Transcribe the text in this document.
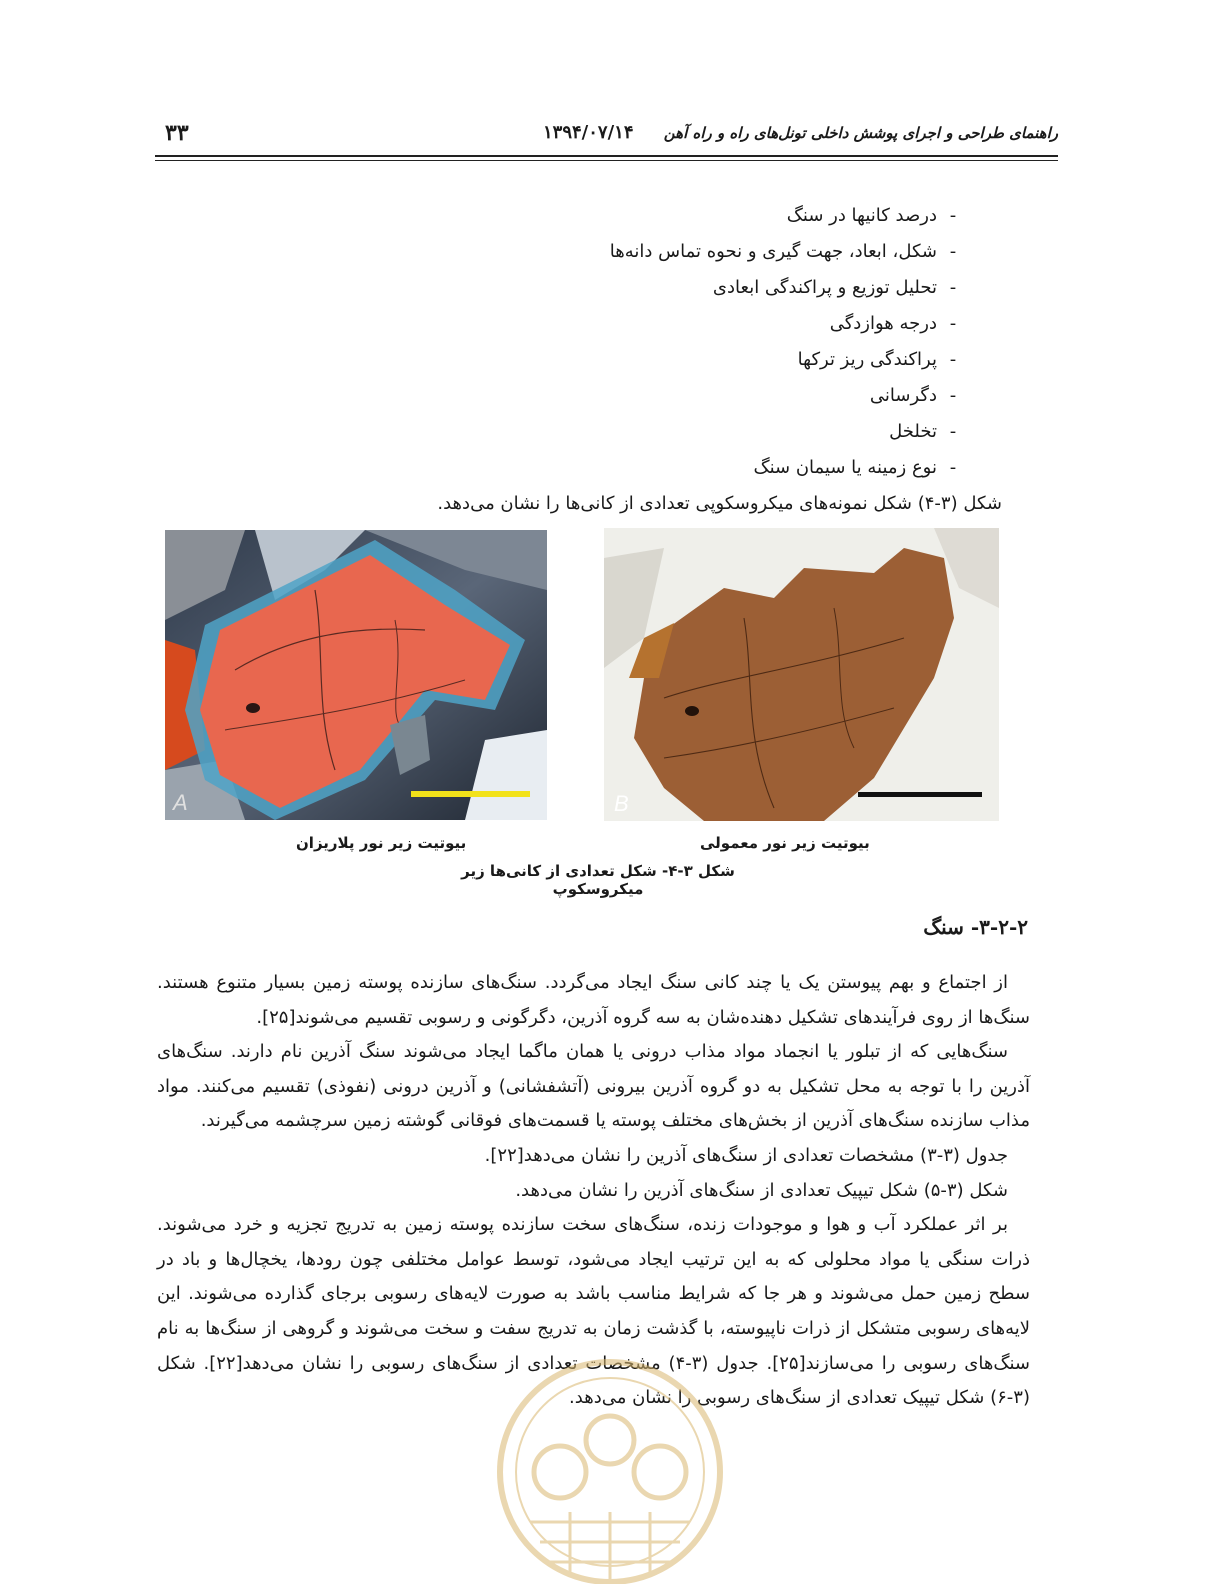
راهنمای طراحی و اجرای پوشش داخلی تونل‌های راه و راه آهن
۱۳۹۴/۰۷/۱۴
۳۳
-
درصد کانیها در سنگ
-
شکل، ابعاد، جهت گیری و نحوه تماس دانه‌ها
-
تحلیل توزیع و پراکندگی ابعادی
-
درجه هوازدگی
-
پراکندگی ریز ترکها
-
دگرسانی
-
تخلخل
-
نوع زمینه یا سیمان سنگ

شکل (۳-۴) شکل نمونه‌های میکروسکوپی تعدادی از کانی‌ها را نشان می‌دهد.

A	B
بیوتیت زیر نور پلاریزان	بیوتیت زیر نور معمولی
شکل ۳-۴- شکل تعدادی از کانی‌ها زیر میکروسکوپ
۳-۲-۲- سنگ

از اجتماع و بهم پیوستن یک یا چند کانی سنگ ایجاد می‌گردد. سنگ‌های سازنده پوسته زمین بسیار متنوع هستند. سنگ‌ها از روی فرآیندهای تشکیل دهنده‌شان به سه گروه آذرین، دگرگونی و رسوبی تقسیم می‌شوند[۲۵].

سنگ‌هایی که از تبلور یا انجماد مواد مذاب درونی یا همان ماگما ایجاد می‌شوند سنگ آذرین نام دارند. سنگ‌های آذرین را با توجه به محل تشکیل به دو گروه آذرین بیرونی (آتشفشانی) و آذرین درونی (نفوذی) تقسیم می‌کنند. مواد مذاب سازنده سنگ‌های آذرین از بخش‌های مختلف پوسته یا قسمت‌های فوقانی گوشته زمین سرچشمه می‌گیرند.

جدول (۳-۳) مشخصات تعدادی از سنگ‌های آذرین را نشان می‌دهد[۲۲].

شکل (۳-۵) شکل تیپیک تعدادی از سنگ‌های آذرین را نشان می‌دهد.

بر اثر عملکرد آب و هوا و موجودات زنده، سنگ‌های سخت سازنده پوسته زمین به تدریج تجزیه و خرد می‌شوند. ذرات سنگی یا مواد محلولی که به این ترتیب ایجاد می‌شود، توسط عوامل مختلفی چون رودها، یخچال‌ها و باد در سطح زمین حمل می‌شوند و هر جا که شرایط مناسب باشد به صورت لایه‌های رسوبی برجای گذارده می‌شوند. این لایه‌های رسوبی متشکل از ذرات ناپیوسته، با گذشت زمان به تدریج سفت و سخت می‌شوند و گروهی از سنگ‌ها به نام سنگ‌های رسوبی را می‌سازند[۲۵]. جدول (۳-۴) مشخصات تعدادی از سنگ‌های رسوبی را نشان می‌دهد[۲۲]. شکل (۳-۶) شکل تیپیک تعدادی از سنگ‌های رسوبی را نشان می‌دهد.
